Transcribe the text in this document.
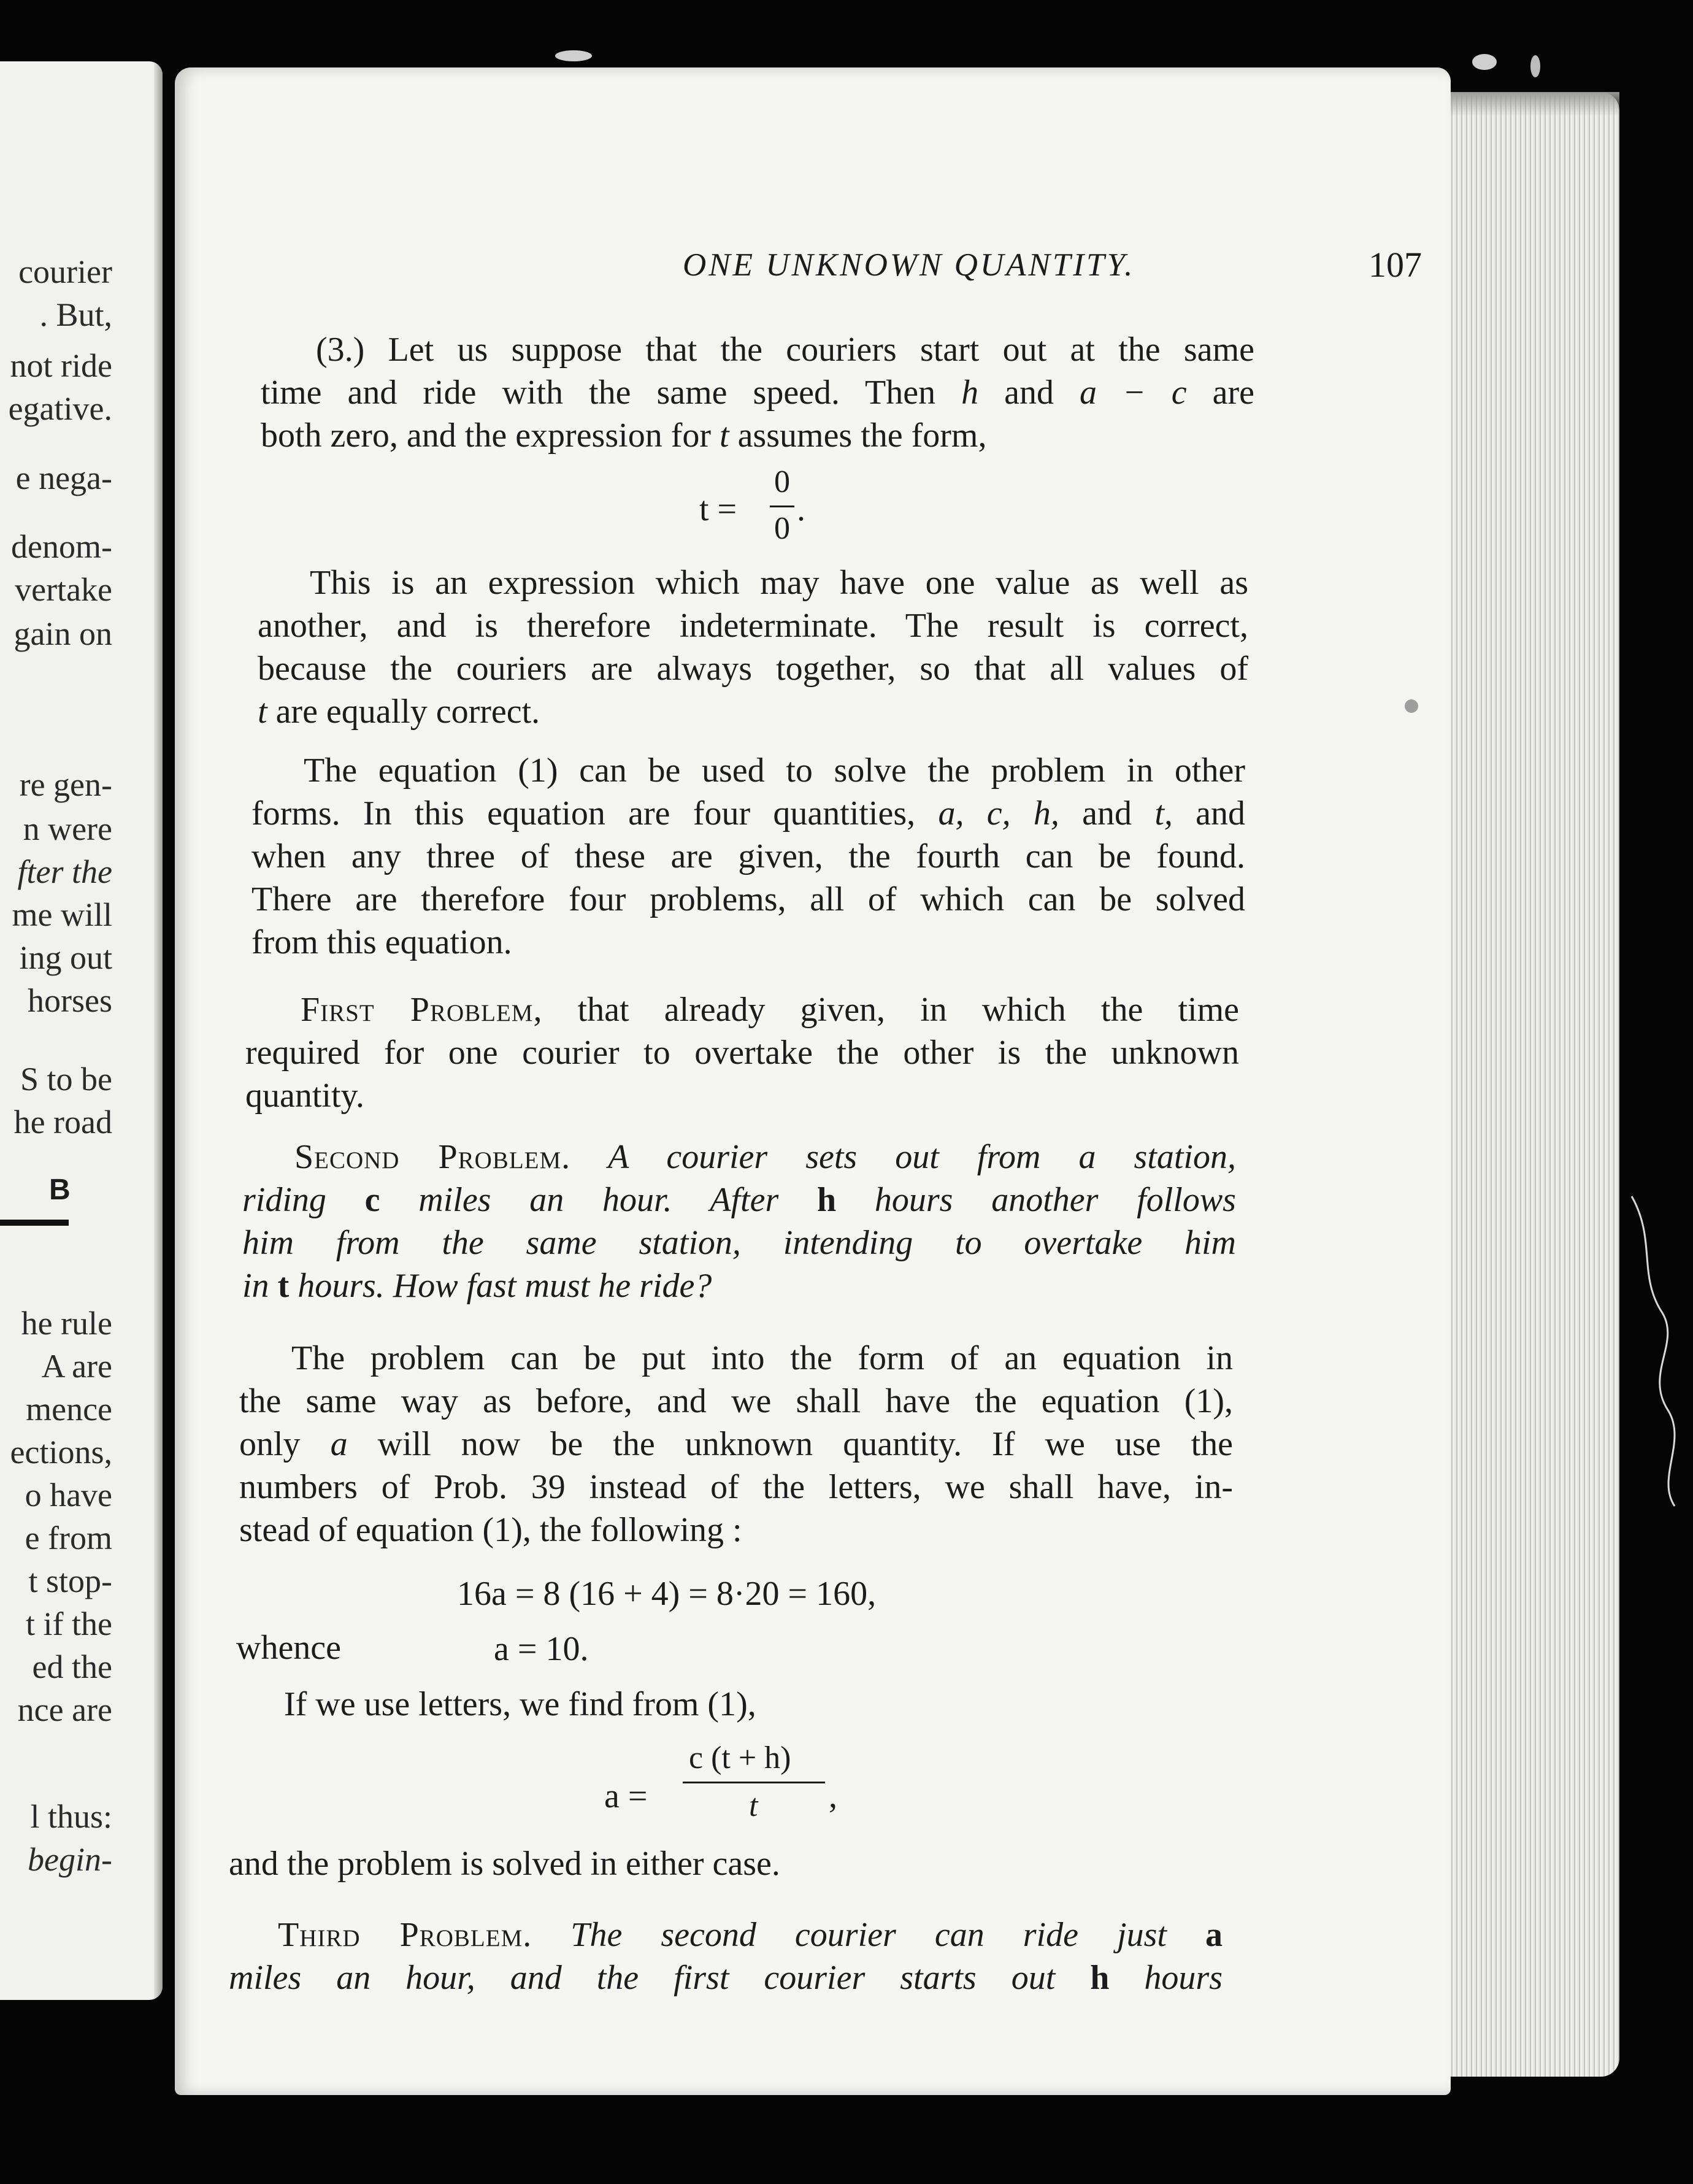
courier
. But,
not ride
egative.
e nega-
denom-
vertake
gain on
re gen-
n were
fter the
me will
ing out
horses
S to be
he road
B
he rule
A are
mence
ections,
o have
e from
t stop-
t if the
ed the
nce are
l thus:
begin-
ONE UNKNOWN QUANTITY.	107
(3.) Let us suppose that the couriers start out at the same
time and ride with the same speed. Then h and a − c are
both zero, and the expression for t assumes the form,
t =
0
0
.
This is an expression which may have one value as well as
another, and is therefore indeterminate. The result is correct,
because the couriers are always together, so that all values of
t are equally correct.
The equation (1) can be used to solve the problem in other
forms. In this equation are four quantities, a, c, h, and t, and
when any three of these are given, the fourth can be found.
There are therefore four problems, all of which can be solved
from this equation.
First Problem, that already given, in which the time
required for one courier to overtake the other is the unknown
quantity.
Second Problem. A courier sets out from a station,
riding c miles an hour. After h hours another follows
him from the same station, intending to overtake him
in t hours. How fast must he ride?
The problem can be put into the form of an equation in
the same way as before, and we shall have the equation (1),
only a will now be the unknown quantity. If we use the
numbers of Prob. 39 instead of the letters, we shall have, in-
stead of equation (1), the following :
16a = 8 (16 + 4) = 8·20 = 160,
whence	a = 10.
If we use letters, we find from (1),
a =
c (t + h)
t ,
and the problem is solved in either case.
Third Problem. The second courier can ride just a
miles an hour, and the first courier starts out h hours
